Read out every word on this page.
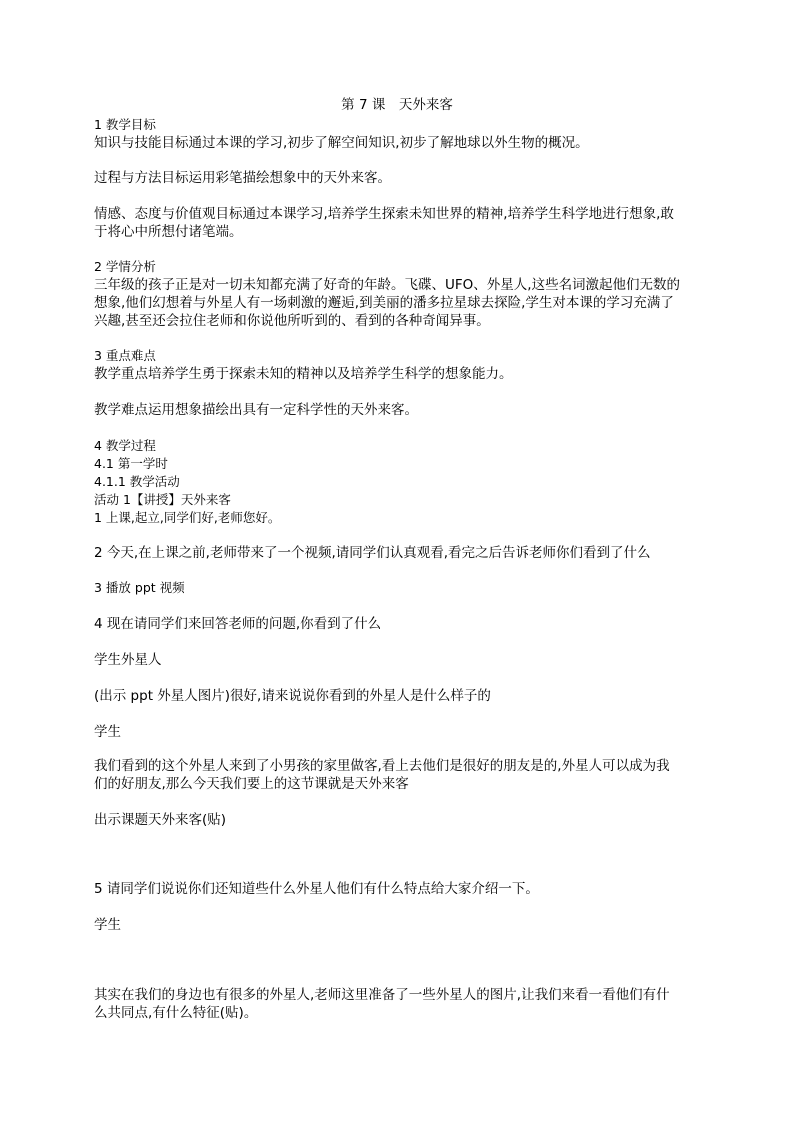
第 7 课　天外来客
1 教学目标
知识与技能目标通过本课的学习,初步了解空间知识,初步了解地球以外生物的概况。
过程与方法目标运用彩笔描绘想象中的天外来客。
情感、态度与价值观目标通过本课学习,培养学生探索未知世界的精神,培养学生科学地进行想象,敢
于将心中所想付诸笔端。
2 学情分析
三年级的孩子正是对一切未知都充满了好奇的年龄。飞碟、UFO、外星人,这些名词激起他们无数的
想象,他们幻想着与外星人有一场刺激的邂逅,到美丽的潘多拉星球去探险,学生对本课的学习充满了
兴趣,甚至还会拉住老师和你说他所听到的、看到的各种奇闻异事。
3 重点难点
教学重点培养学生勇于探索未知的精神以及培养学生科学的想象能力。
教学难点运用想象描绘出具有一定科学性的天外来客。
4 教学过程
4.1 第一学时
4.1.1 教学活动
活动 1【讲授】天外来客
1 上课,起立,同学们好,老师您好。
2 今天,在上课之前,老师带来了一个视频,请同学们认真观看,看完之后告诉老师你们看到了什么
3 播放 ppt 视频
4 现在请同学们来回答老师的问题,你看到了什么
学生外星人
(出示 ppt 外星人图片)很好,请来说说你看到的外星人是什么样子的
学生
我们看到的这个外星人来到了小男孩的家里做客,看上去他们是很好的朋友是的,外星人可以成为我
们的好朋友,那么今天我们要上的这节课就是天外来客
出示课题天外来客(贴)
5 请同学们说说你们还知道些什么外星人他们有什么特点给大家介绍一下。
学生
其实在我们的身边也有很多的外星人,老师这里准备了一些外星人的图片,让我们来看一看他们有什
么共同点,有什么特征(贴)。
